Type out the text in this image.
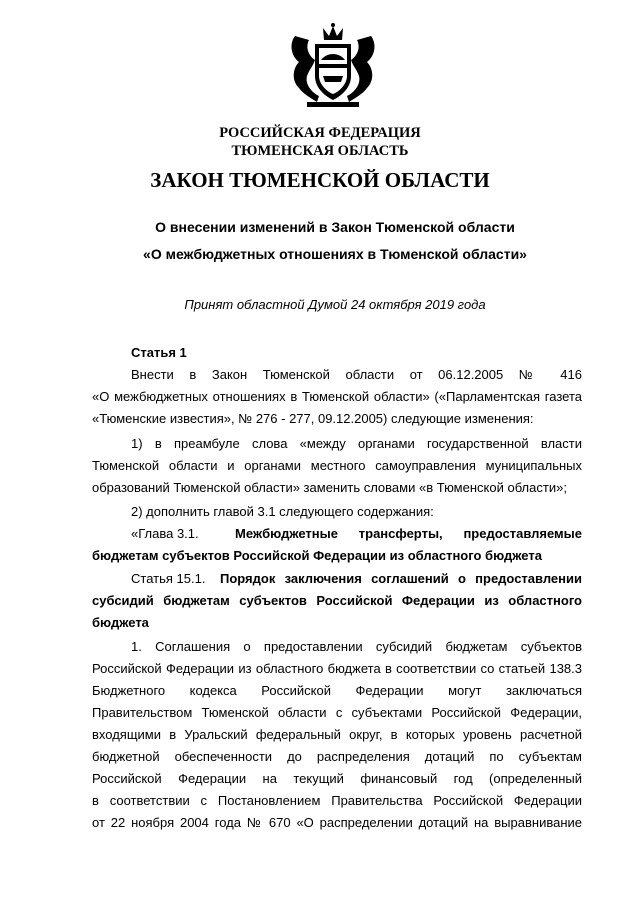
РОССИЙСКАЯ ФЕДЕРАЦИЯ
ТЮМЕНСКАЯ ОБЛАСТЬ
ЗАКОН ТЮМЕНСКОЙ ОБЛАСТИ
О внесении изменений в Закон Тюменской области
«О межбюджетных отношениях в Тюменской области»
Принят областной Думой 24 октября 2019 года
Статья 1
Внести в Закон Тюменской области от 06.12.2005 № 416
«О межбюджетных отношениях в Тюменской области» («Парламентская газета
«Тюменские известия», № 276 - 277, 09.12.2005) следующие изменения:
1) в преамбуле слова «между органами государственной власти
Тюменской области и органами местного самоуправления муниципальных
образований Тюменской области» заменить словами «в Тюменской области»;
2) дополнить главой 3.1 следующего содержания:
«Глава 3.1.	Межбюджетные трансферты, предоставляемые
бюджетам субъектов Российской Федерации из областного бюджета
Статья 15.1.	Порядок заключения соглашений о предоставлении
субсидий бюджетам субъектов Российской Федерации из областного
бюджета
1. Соглашения о предоставлении субсидий бюджетам субъектов
Российской Федерации из областного бюджета в соответствии со статьей 138.3
Бюджетного кодекса Российской Федерации могут заключаться
Правительством Тюменской области с субъектами Российской Федерации,
входящими в Уральский федеральный округ, в которых уровень расчетной
бюджетной обеспеченности до распределения дотаций по субъектам
Российской Федерации на текущий финансовый год (определенный
в соответствии с Постановлением Правительства Российской Федерации
от 22 ноября 2004 года № 670 «О распределении дотаций на выравнивание
